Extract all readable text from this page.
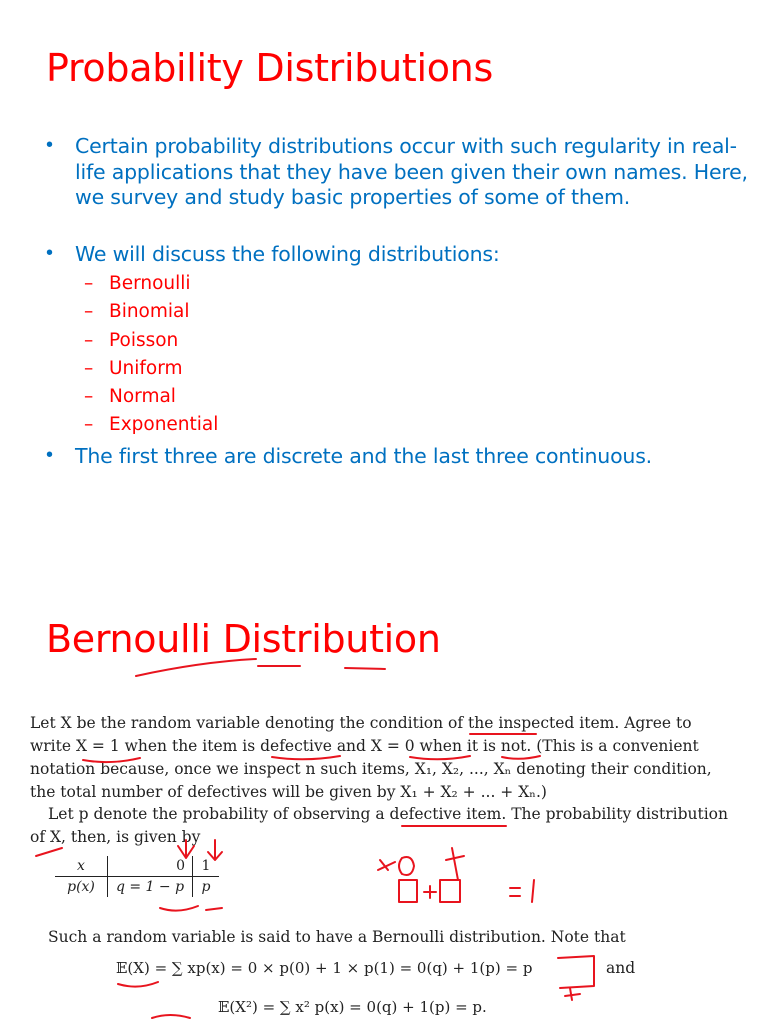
Probability Distributions
• Certain probability distributions occur with such regularity in real-life applications that they have been given their own names. Here, we survey and study basic properties of some of them.
• We will discuss the following distributions:
– Bernoulli
– Binomial
– Poisson
– Uniform
– Normal
– Exponential
• The first three are discrete and the last three continuous.
Bernoulli Distribution
Let X be the random variable denoting the condition of the inspected item. Agree to
write X = 1 when the item is defective and X = 0 when it is not. (This is a convenient
notation because, once we inspect n such items, X₁, X₂, ..., Xₙ denoting their condition,
the total number of defectives will be given by X₁ + X₂ + ... + Xₙ.)
Let p denote the probability of observing a defective item. The probability distribution
of X, then, is given by
x	0	1
p(x)	q = 1 − p	p
Such a random variable is said to have a Bernoulli distribution. Note that
𝔼(X) = ∑ xp(x) = 0 × p(0) + 1 × p(1) = 0(q) + 1(p) = p	and
𝔼(X²) = ∑ x² p(x) = 0(q) + 1(p) = p.
